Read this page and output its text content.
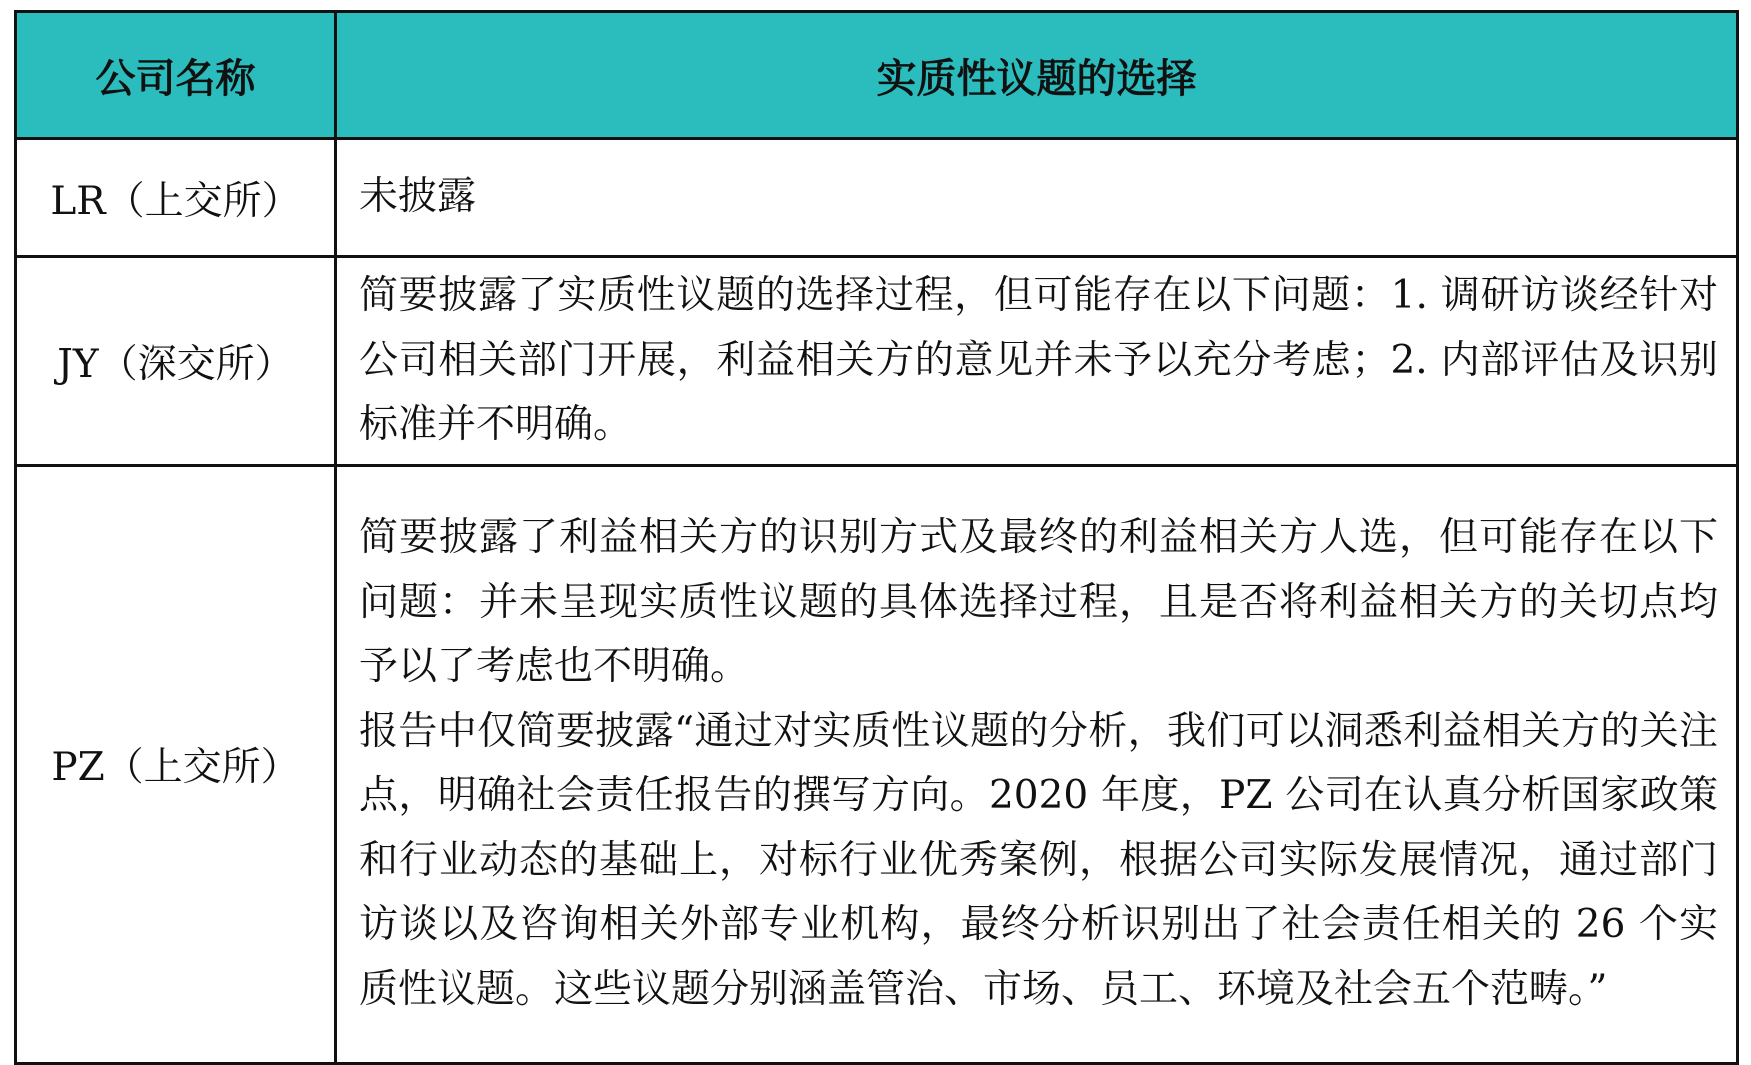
公司名称	实质性议题的选择
LR（上交所）	未披露

JY（深交所）	简要披露了实质性议题的选择过程，但可能存在以下问题：1. 调研访谈经针对公司相关部门开展，利益相关方的意见并未予以充分考虑；2. 内部评估及识别标准并不明确。

PZ（上交所）	简要披露了利益相关方的识别方式及最终的利益相关方人选，但可能存在以下问题：并未呈现实质性议题的具体选择过程，且是否将利益相关方的关切点均予以了考虑也不明确。

报告中仅简要披露“通过对实质性议题的分析，我们可以洞悉利益相关方的关注点，明确社会责任报告的撰写方向。2020 年度，PZ 公司在认真分析国家政策和行业动态的基础上，对标行业优秀案例，根据公司实际发展情况，通过部门访谈以及咨询相关外部专业机构，最终分析识别出了社会责任相关的 26 个实质性议题。这些议题分别涵盖管治、市场、员工、环境及社会五个范畴。”
